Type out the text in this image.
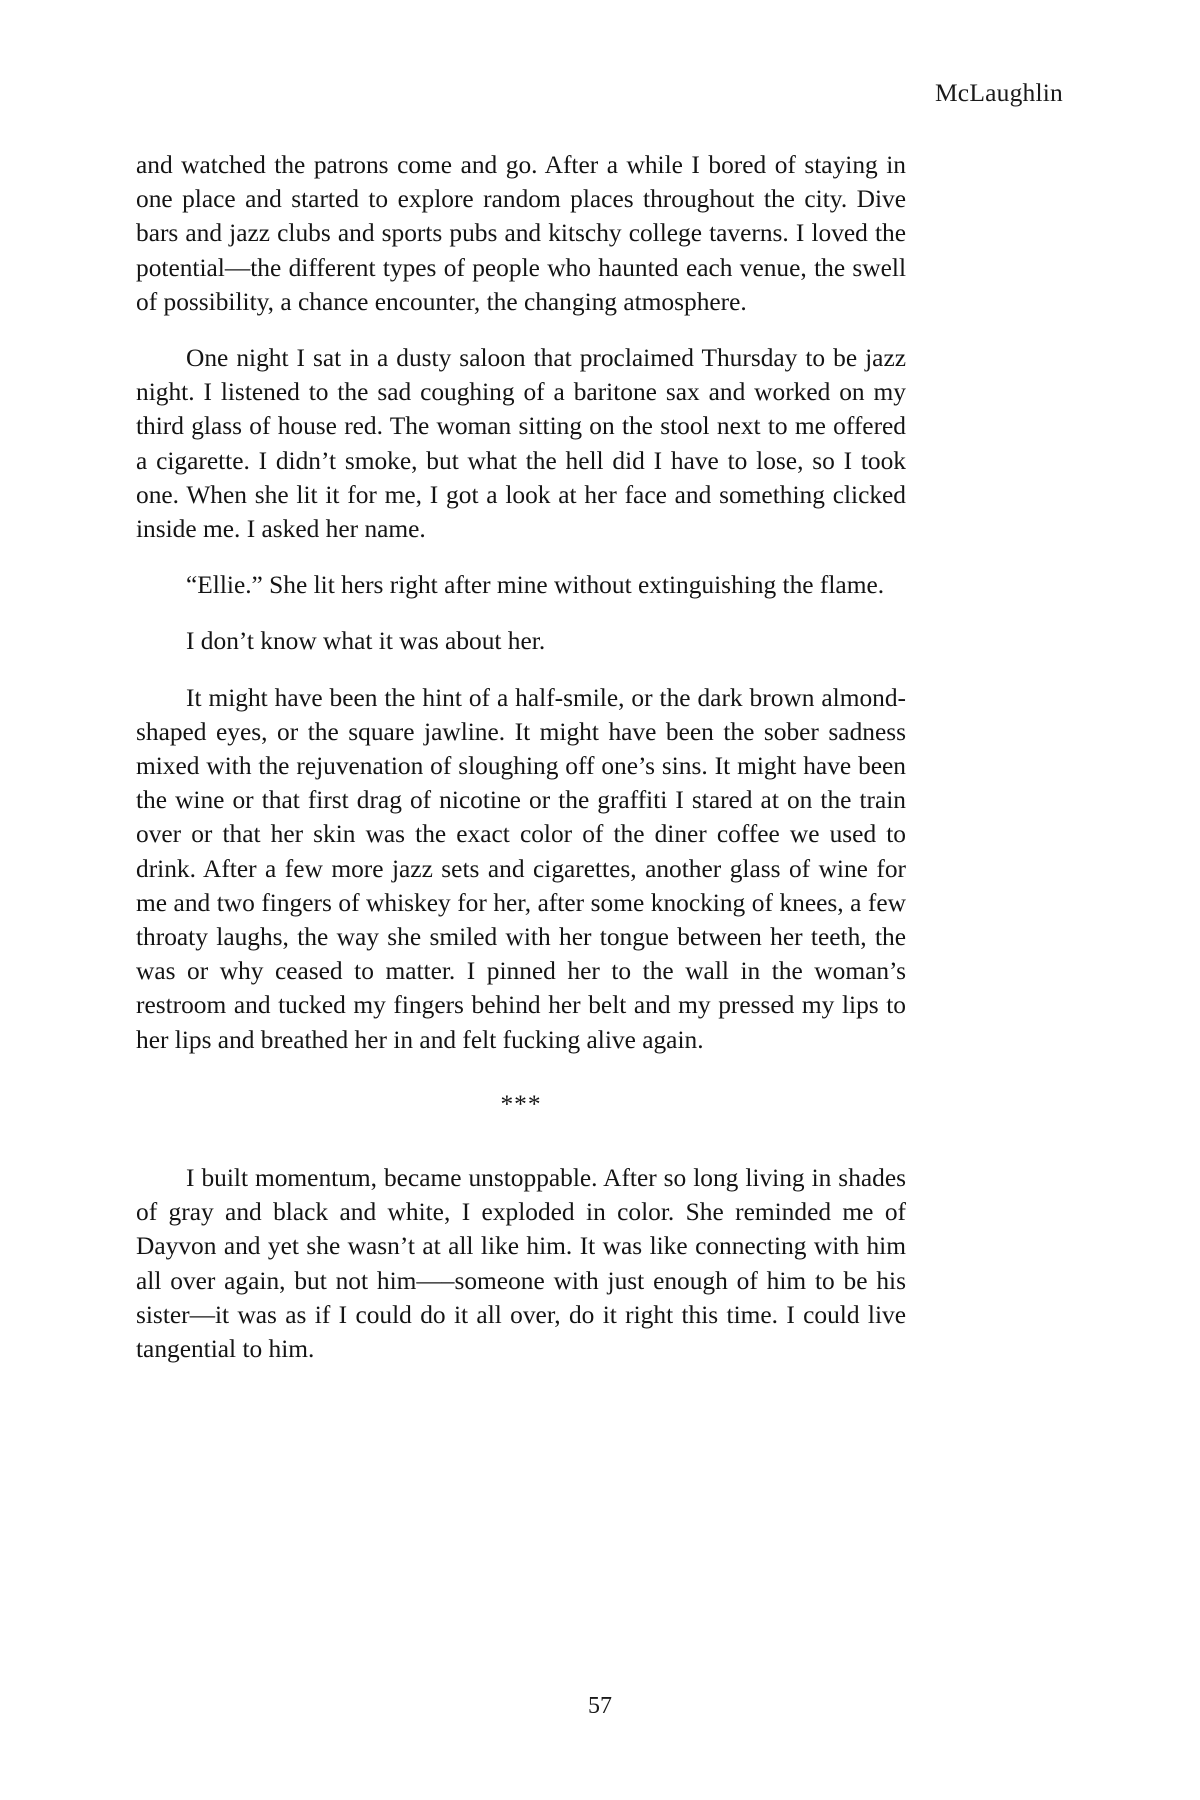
McLaughlin

and watched the patrons come and go. After a while I bored of staying in one place and started to explore random places throughout the city. Dive bars and jazz clubs and sports pubs and kitschy college taverns. I loved the potential—the different types of people who haunted each venue, the swell of possibility, a chance encounter, the changing atmosphere.

One night I sat in a dusty saloon that proclaimed Thursday to be jazz night. I listened to the sad coughing of a baritone sax and worked on my third glass of house red. The woman sitting on the stool next to me offered a cigarette. I didn’t smoke, but what the hell did I have to lose, so I took one. When she lit it for me, I got a look at her face and something clicked inside me. I asked her name.

“Ellie.” She lit hers right after mine without extinguishing the flame.

I don’t know what it was about her.

It might have been the hint of a half-smile, or the dark brown almond-shaped eyes, or the square jawline. It might have been the sober sadness mixed with the rejuvenation of sloughing off one’s sins. It might have been the wine or that first drag of nicotine or the graffiti I stared at on the train over or that her skin was the exact color of the diner coffee we used to drink. After a few more jazz sets and cigarettes, another glass of wine for me and two fingers of whiskey for her, after some knocking of knees, a few throaty laughs, the way she smiled with her tongue between her teeth, the was or why ceased to matter. I pinned her to the wall in the woman’s restroom and tucked my fingers behind her belt and my pressed my lips to her lips and breathed her in and felt fucking alive again.

***

I built momentum, became unstoppable. After so long living in shades of gray and black and white, I exploded in color. She reminded me of Dayvon and yet she wasn’t at all like him. It was like connecting with him all over again, but not him—–someone with just enough of him to be his sister—it was as if I could do it all over, do it right this time. I could live tangential to him.

57
